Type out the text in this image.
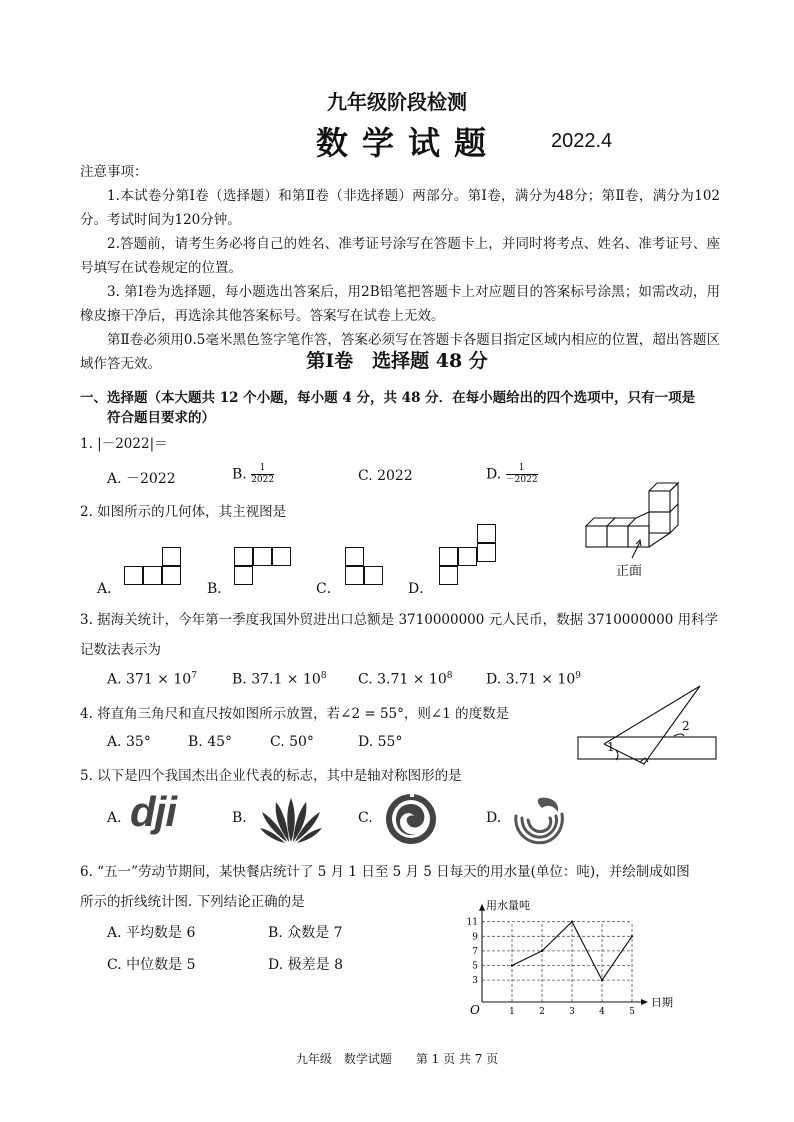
九年级阶段检测
数学试题	2022.4

注意事项：

1.本试卷分第Ⅰ卷（选择题）和第Ⅱ卷（非选择题）两部分。第Ⅰ卷，满分为48分；第Ⅱ卷，满分为102分。考试时间为120分钟。

2.答题前，请考生务必将自己的姓名、准考证号涂写在答题卡上，并同时将考点、姓名、准考证号、座号填写在试卷规定的位置。

3. 第Ⅰ卷为选择题，每小题选出答案后，用2B铅笔把答题卡上对应题目的答案标号涂黑；如需改动，用橡皮擦干净后，再选涂其他答案标号。答案写在试卷上无效。

第Ⅱ卷必须用0.5毫米黑色签字笔作答，答案必须写在答题卡各题目指定区域内相应的位置，超出答题区域作答无效。	第Ⅰ卷　选择题 48 分
一、选择题（本大题共 12 个小题，每小题 4 分，共 48 分．在每小题给出的四个选项中，只有一项是
符合题目要求的）
1. |－2022|＝
A. －2022	B. $\frac{1}{2022}$	C. 2022	D. $\frac{1}{-2022}$
2. 如图所示的几何体，其主视图是
正面
A．	B．	C．	D．
3. 据海关统计，今年第一季度我国外贸进出口总额是 3710000000 元人民币，数据 3710000000 用科学
记数法表示为
A. $371 \times 10^7$	B. $37.1 \times 10^8$ C. $3.71 \times 10^8$ D. $3.71 \times 10^9$
4. 将直角三角尺和直尺按如图所示放置，若∠2 = 55°，则∠1 的度数是
A. 35°	B. 45°	C. 50°	D. 55°	1
2
5. 以下是四个我国杰出企业代表的标志，其中是轴对称图形的是
A. dji	B.	C.	D.
6. “五一”劳动节期间，某快餐店统计了 5 月 1 日至 5 月 5 日每天的用水量(单位：吨)，并绘制成如图
所示的折线统计图. 下列结论正确的是
A. 平均数是 6	B. 众数是 7
C. 中位数是 5	D. 极差是 8
3
5
7
9
11
1	2	3	4	5
用水量吨
日期
O
九年级　数学试题　　第 1 页 共 7 页
